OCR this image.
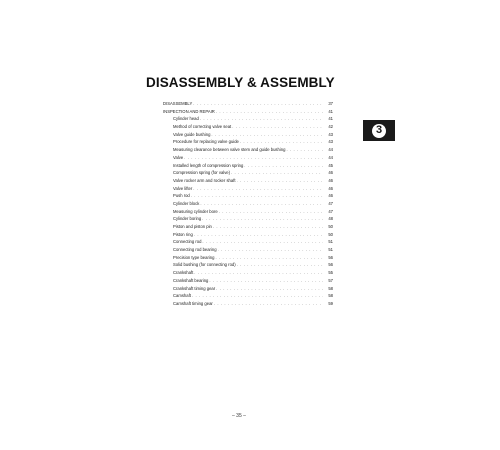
DISASSEMBLY & ASSEMBLY
DISASSEMBLY . . .	37
INSPECTION AND REPAIR . . .	41
Cylinder head . . .	41
Method of correcting valve seat . . .	42
Valve guide bushing . . .	43
Procedure for replacing valve guide . . .	43
Measuring clearance between valve stem and guide bushing . . .	44
Valve . . .	44
Installed length of compression spring . . .	45
Compression spring (for valve) . . .	46
Valve rocker arm and rocker shaft . . .	46
Valve lifter . . .	46
Push rod . . .	46
Cylinder block . . .	47
Measuring cylinder bore . . .	47
Cylinder boring . . .	48
Piston and piston pin . . .	50
Piston ring . . .	50
Connecting rod . . .	51
Connecting rod bearing . . .	51
Precision type bearing . . .	56
Solid bushing (for connecting rod) . . .	56
Crankshaft . . .	55
Crankshaft bearing . . .	57
Crankshaft timing gear . . .	58
Camshaft . . .	58
Camshaft timing gear . . .	59
3
– 35 –
